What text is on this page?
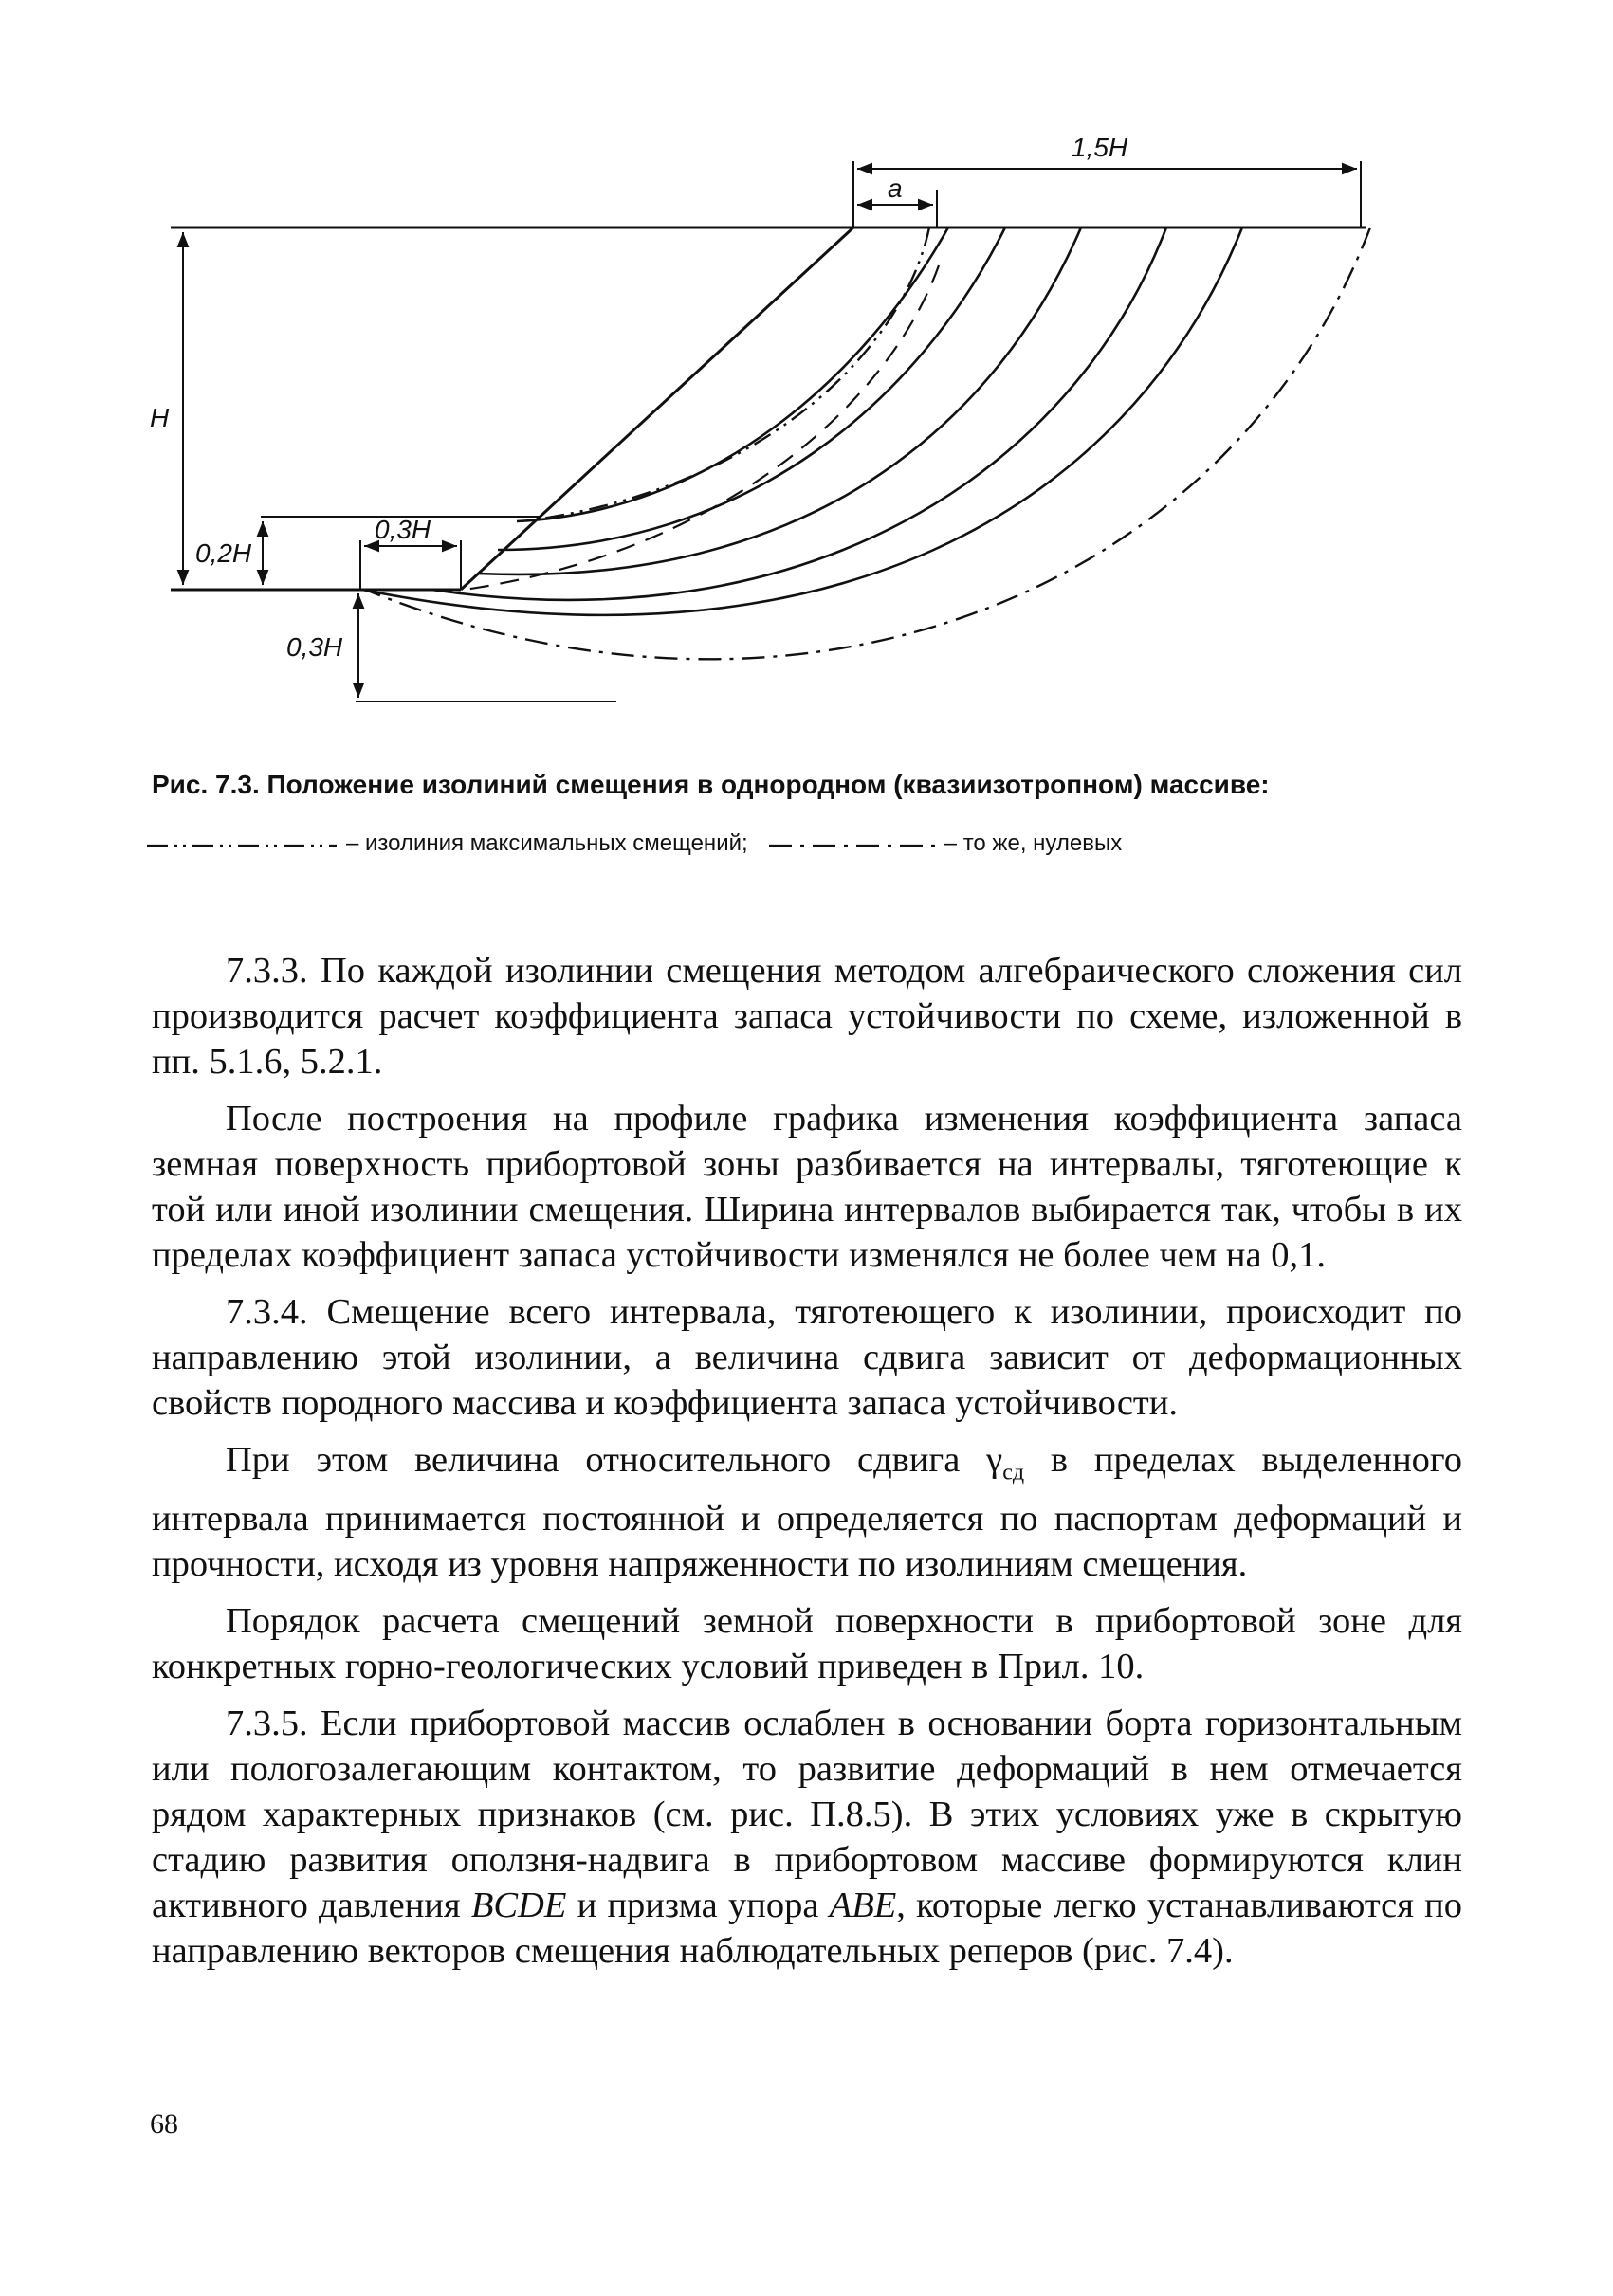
H
0,2H
0,3H
0,3H
1,5H
a
Рис. 7.3. Положение изолиний смещения в однородном (квазиизотропном) массиве:
– изолиния максимальных смещений;	– то же, нулевых

7.3.3. По каждой изолинии смещения методом алгебраического сложения сил производится расчет коэффициента запаса устойчивости по схеме, изложенной в пп. 5.1.6, 5.2.1.

После построения на профиле графика изменения коэффициента запаса земная поверхность прибортовой зоны разбивается на интервалы, тяготеющие к той или иной изолинии смещения. Ширина интервалов выбирается так, чтобы в их пределах коэффициент запаса устойчивости изменялся не более чем на 0,1.

7.3.4. Смещение всего интервала, тяготеющего к изолинии, происходит по направлению этой изолинии, а величина сдвига зависит от деформационных свойств породного массива и коэффициента запаса устойчивости.

При этом величина относительного сдвига $\gamma_{сд}$ в пределах выделенного интервала принимается постоянной и определяется по паспортам деформаций и прочности, исходя из уровня напряженности по изолиниям смещения.

Порядок расчета смещений земной поверхности в прибортовой зоне для конкретных горно-геологических условий приведен в Прил. 10.

7.3.5. Если прибортовой массив ослаблен в основании борта горизонтальным или пологозалегающим контактом, то развитие деформаций в нем отмечается рядом характерных признаков (см. рис. П.8.5). В этих условиях уже в скрытую стадию развития оползня-надвига в прибортовом массиве формируются клин активного давления BCDE и призма упора ABE, которые легко устанавливаются по направлению векторов смещения наблюдательных реперов (рис. 7.4).

68
